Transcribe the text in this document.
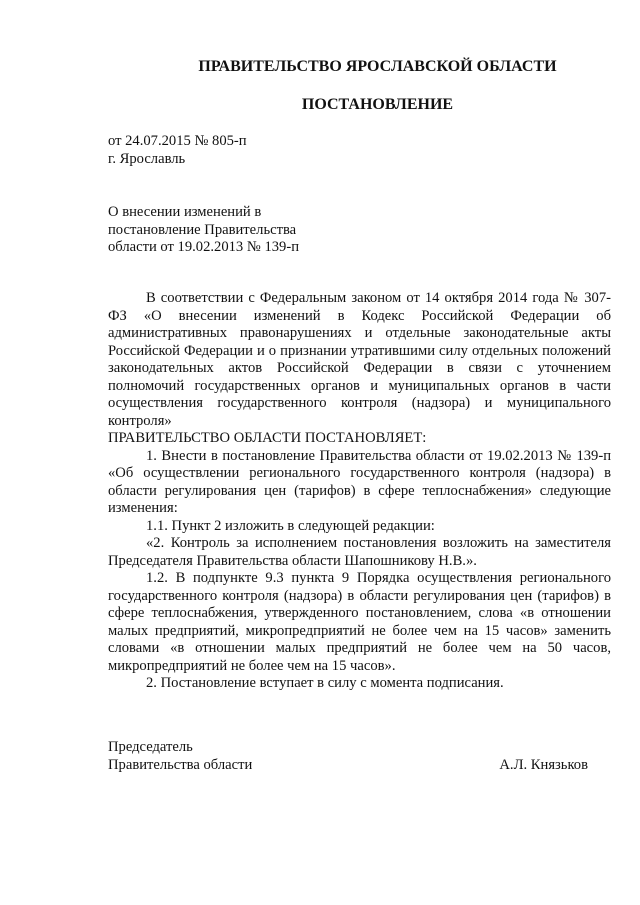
ПРАВИТЕЛЬСТВО ЯРОСЛАВСКОЙ ОБЛАСТИ
ПОСТАНОВЛЕНИЕ
от 24.07.2015 № 805-п
г. Ярославль
О внесении изменений в
постановление Правительства
области от 19.02.2013 № 139-п

В соответствии с Федеральным законом от 14 октября 2014 года № 307-ФЗ «О внесении изменений в Кодекс Российской Федерации об административных правонарушениях и отдельные законодательные акты Российской Федерации и о признании утратившими силу отдельных положений законодательных актов Российской Федерации в связи с уточнением полномочий государственных органов и муниципальных органов в части осуществления государственного контроля (надзора) и муниципального контроля»

ПРАВИТЕЛЬСТВО ОБЛАСТИ ПОСТАНОВЛЯЕТ:

1. Внести в постановление Правительства области от 19.02.2013 № 139-п «Об осуществлении регионального государственного контроля (надзора) в области регулирования цен (тарифов) в сфере теплоснабжения» следующие изменения:

1.1. Пункт 2 изложить в следующей редакции:

«2. Контроль за исполнением постановления возложить на заместителя Председателя Правительства области Шапошникову Н.В.».

1.2. В подпункте 9.3 пункта 9 Порядка осуществления регионального государственного контроля (надзора) в области регулирования цен (тарифов) в сфере теплоснабжения, утвержденного постановлением, слова «в отношении малых предприятий, микропредприятий не более чем на 15 часов» заменить словами «в отношении малых предприятий не более чем на 50 часов, микропредприятий не более чем на 15 часов».

2. Постановление вступает в силу с момента подписания.

Председатель
Правительства области	А.Л. Князьков
